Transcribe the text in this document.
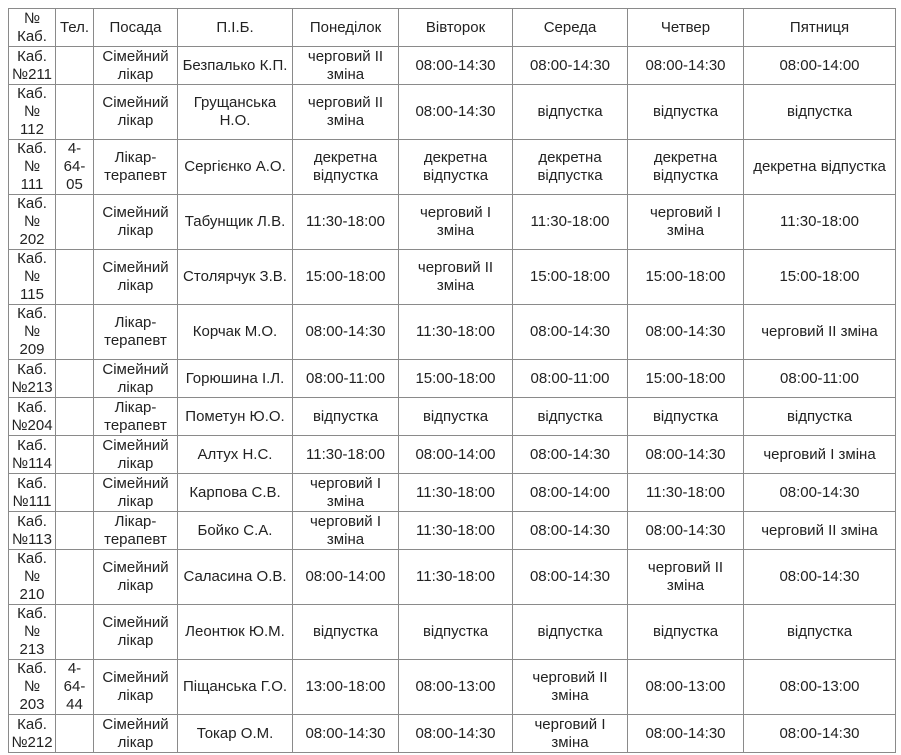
№ Каб.	Тел.	Посада	П.І.Б.	Понеділок	Вівторок	Середа	Четвер	Пятниця
Каб. №211		Сімейний лікар	Безпалько К.П.	черговий ІІ зміна	08:00-14:30	08:00-14:30	08:00-14:30	08:00-14:00
Каб. № 112		Сімейний лікар	Грущанська Н.О.	черговий ІІ зміна	08:00-14:30	відпустка	відпустка	відпустка
Каб. № 111	4-64-05	Лікар-терапевт	Сергієнко А.О.	декретна відпустка	декретна відпустка	декретна відпустка	декретна відпустка	декретна відпустка
Каб. № 202		Сімейний лікар	Табунщик Л.В.	11:30-18:00	черговий І зміна	11:30-18:00	черговий І зміна	11:30-18:00
Каб. № 115		Сімейний лікар	Столярчук З.В.	15:00-18:00	черговий ІІ зміна	15:00-18:00	15:00-18:00	15:00-18:00
Каб. № 209		Лікар-терапевт	Корчак М.О.	08:00-14:30	11:30-18:00	08:00-14:30	08:00-14:30	черговий ІІ зміна
Каб. №213		Сімейний лікар	Горюшина І.Л.	08:00-11:00	15:00-18:00	08:00-11:00	15:00-18:00	08:00-11:00
Каб. №204		Лікар-терапевт	Пометун Ю.О.	відпустка	відпустка	відпустка	відпустка	відпустка
Каб. №114		Сімейний лікар	Алтух Н.С.	11:30-18:00	08:00-14:00	08:00-14:30	08:00-14:30	черговий І зміна
Каб. №111		Сімейний лікар	Карпова С.В.	черговий І зміна	11:30-18:00	08:00-14:00	11:30-18:00	08:00-14:30
Каб. №113		Лікар-терапевт	Бойко С.А.	черговий І зміна	11:30-18:00	08:00-14:30	08:00-14:30	черговий ІІ зміна
Каб. № 210		Сімейний лікар	Саласина О.В.	08:00-14:00	11:30-18:00	08:00-14:30	черговий ІІ зміна	08:00-14:30
Каб. № 213		Сімейний лікар	Леонтюк Ю.М.	відпустка	відпустка	відпустка	відпустка	відпустка
Каб. № 203	4-64-44	Сімейний лікар	Піщанська Г.О.	13:00-18:00	08:00-13:00	черговий ІІ зміна	08:00-13:00	08:00-13:00
Каб. №212		Сімейний лікар	Токар О.М.	08:00-14:30	08:00-14:30	черговий І зміна	08:00-14:30	08:00-14:30
